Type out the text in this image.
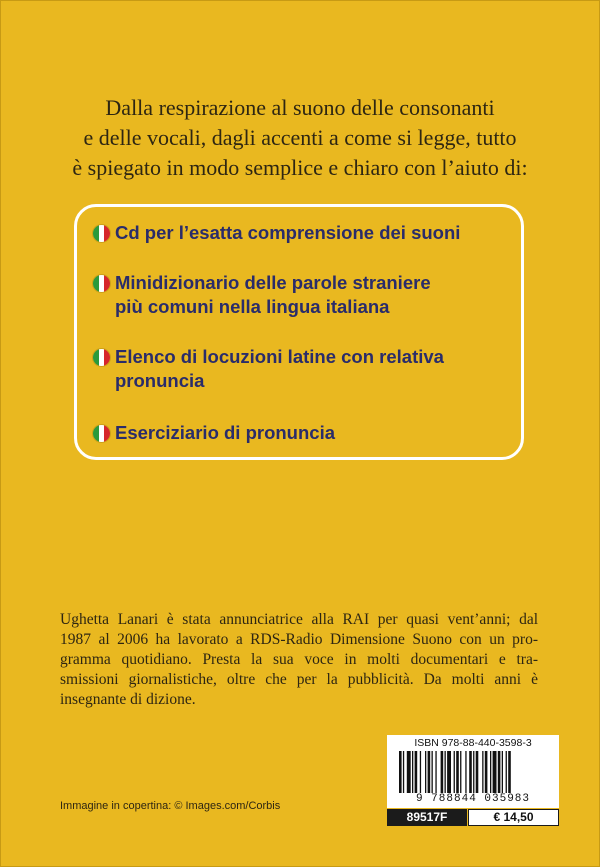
Dalla respirazione al suono delle consonanti
e delle vocali, dagli accenti a come si legge, tutto
è spiegato in modo semplice e chiaro con l’aiuto di:
Cd per l’esatta comprensione dei suoni
Minidizionario delle parole straniere
più comuni nella lingua italiana
Elenco di locuzioni latine con relativa
pronuncia
Eserciziario di pronuncia
Ughetta Lanari è stata annunciatrice alla RAI per quasi vent’anni; dal
1987 al 2006 ha lavorato a RDS-Radio Dimensione Suono con un pro-
gramma quotidiano. Presta la sua voce in molti documentari e tra-
smissioni giornalistiche, oltre che per la pubblicità. Da molti anni è
insegnante di dizione.
Immagine in copertina: © Images.com/Corbis
ISBN 978-88-440-3598-3
9 788844 035983
89517F	€ 14,50
